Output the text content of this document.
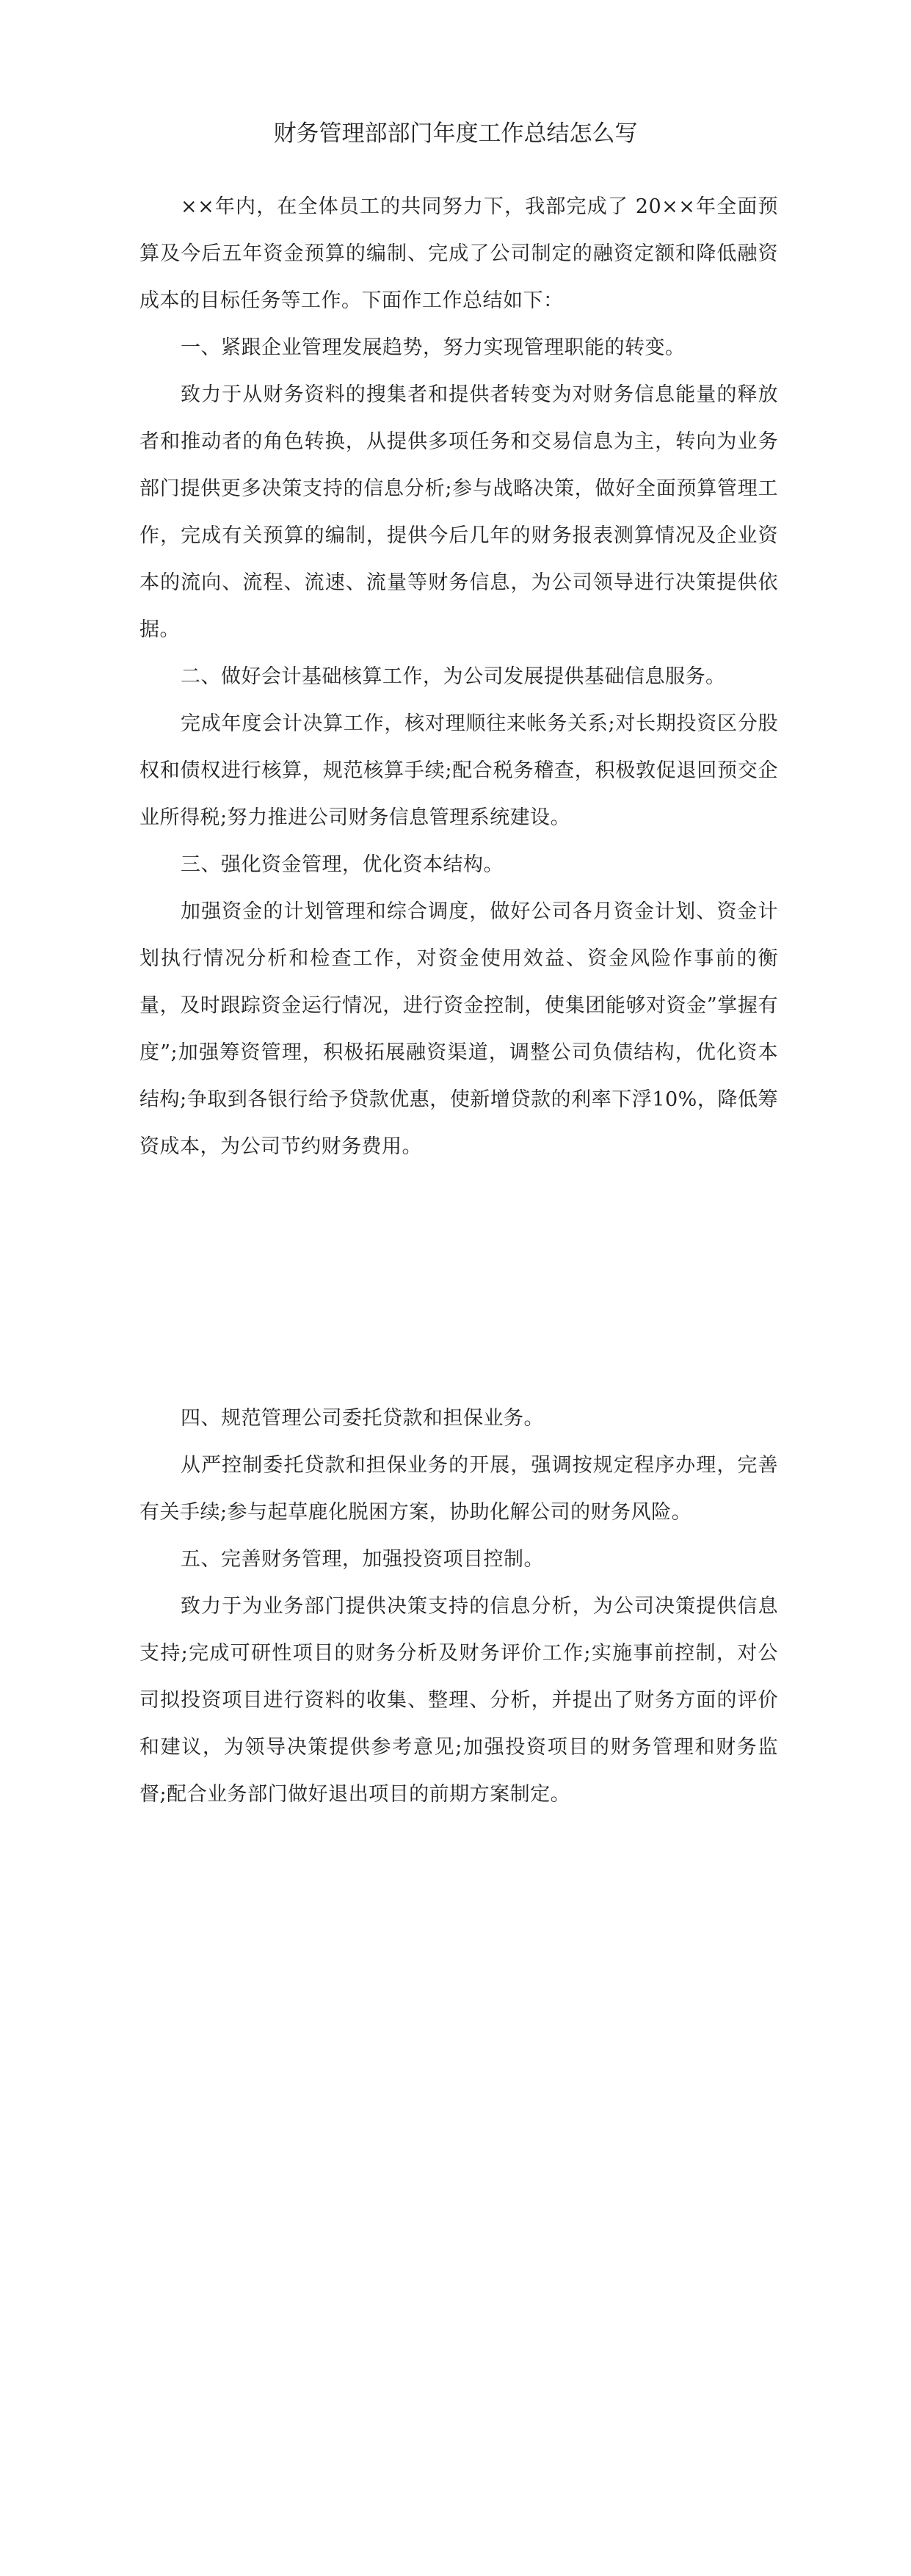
财务管理部部门年度工作总结怎么写

××年内，在全体员工的共同努力下，我部完成了 20××年全面预算及今后五年资金预算的编制、完成了公司制定的融资定额和降低融资成本的目标任务等工作。下面作工作总结如下：

一、紧跟企业管理发展趋势，努力实现管理职能的转变。

致力于从财务资料的搜集者和提供者转变为对财务信息能量的释放者和推动者的角色转换，从提供多项任务和交易信息为主，转向为业务部门提供更多决策支持的信息分析;参与战略决策，做好全面预算管理工作，完成有关预算的编制，提供今后几年的财务报表测算情况及企业资本的流向、流程、流速、流量等财务信息，为公司领导进行决策提供依据。

二、做好会计基础核算工作，为公司发展提供基础信息服务。

完成年度会计决算工作，核对理顺往来帐务关系;对长期投资区分股权和债权进行核算，规范核算手续;配合税务稽查，积极敦促退回预交企业所得税;努力推进公司财务信息管理系统建设。

三、强化资金管理，优化资本结构。

加强资金的计划管理和综合调度，做好公司各月资金计划、资金计划执行情况分析和检查工作，对资金使用效益、资金风险作事前的衡量，及时跟踪资金运行情况，进行资金控制，使集团能够对资金”掌握有度”;加强筹资管理，积极拓展融资渠道，调整公司负债结构，优化资本结构;争取到各银行给予贷款优惠，使新增贷款的利率下浮10%，降低筹资成本，为公司节约财务费用。

四、规范管理公司委托贷款和担保业务。

从严控制委托贷款和担保业务的开展，强调按规定程序办理，完善有关手续;参与起草鹿化脱困方案，协助化解公司的财务风险。

五、完善财务管理，加强投资项目控制。

致力于为业务部门提供决策支持的信息分析，为公司决策提供信息支持;完成可研性项目的财务分析及财务评价工作;实施事前控制，对公司拟投资项目进行资料的收集、整理、分析，并提出了财务方面的评价和建议，为领导决策提供参考意见;加强投资项目的财务管理和财务监督;配合业务部门做好退出项目的前期方案制定。
